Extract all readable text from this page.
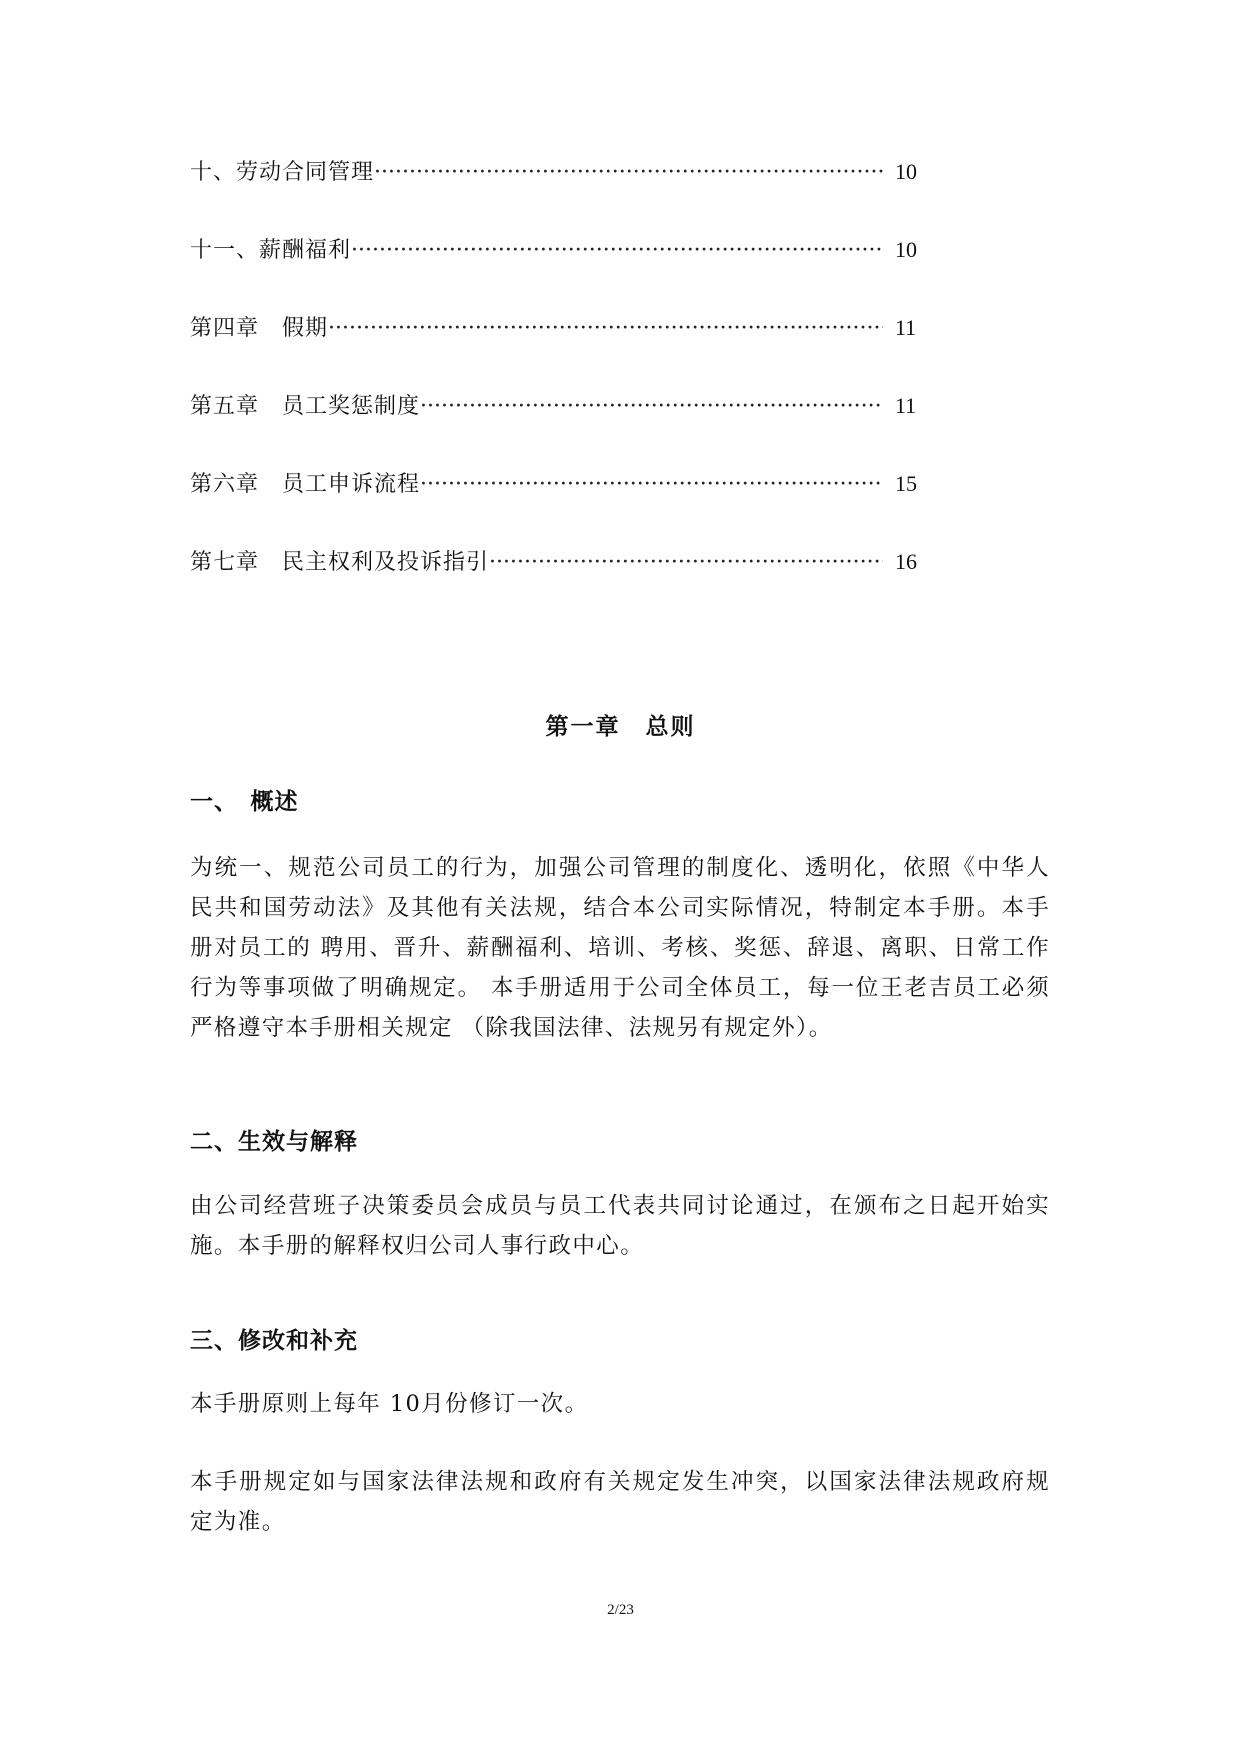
十、劳动合同管理 ·····	10
十一、薪酬福利 ·····	10
第四章　假期 ·····	11
第五章　员工奖惩制度 ·····	11
第六章　员工申诉流程 ·····	15
第七章　民主权利及投诉指引 ·····	16
第一章　总则
一、　概述
为统一、规范公司员工的行为，加强公司管理的制度化、透明化，依照《中华人民共和国劳动法》及其他有关法规，结合本公司实际情况，特制定本手册。本手册对员工的 聘用、晋升、薪酬福利、培训、考核、奖惩、辞退、离职、日常工作行为等事项做了明确规定。 本手册适用于公司全体员工，每一位王老吉员工必须严格遵守本手册相关规定 （除我国法律、法规另有规定外）。
二、生效与解释
由公司经营班子决策委员会成员与员工代表共同讨论通过，在颁布之日起开始实施。本手册的解释权归公司人事行政中心。
三、修改和补充
本手册原则上每年 10月份修订一次。
本手册规定如与国家法律法规和政府有关规定发生冲突，以国家法律法规政府规定为准。
2/23
